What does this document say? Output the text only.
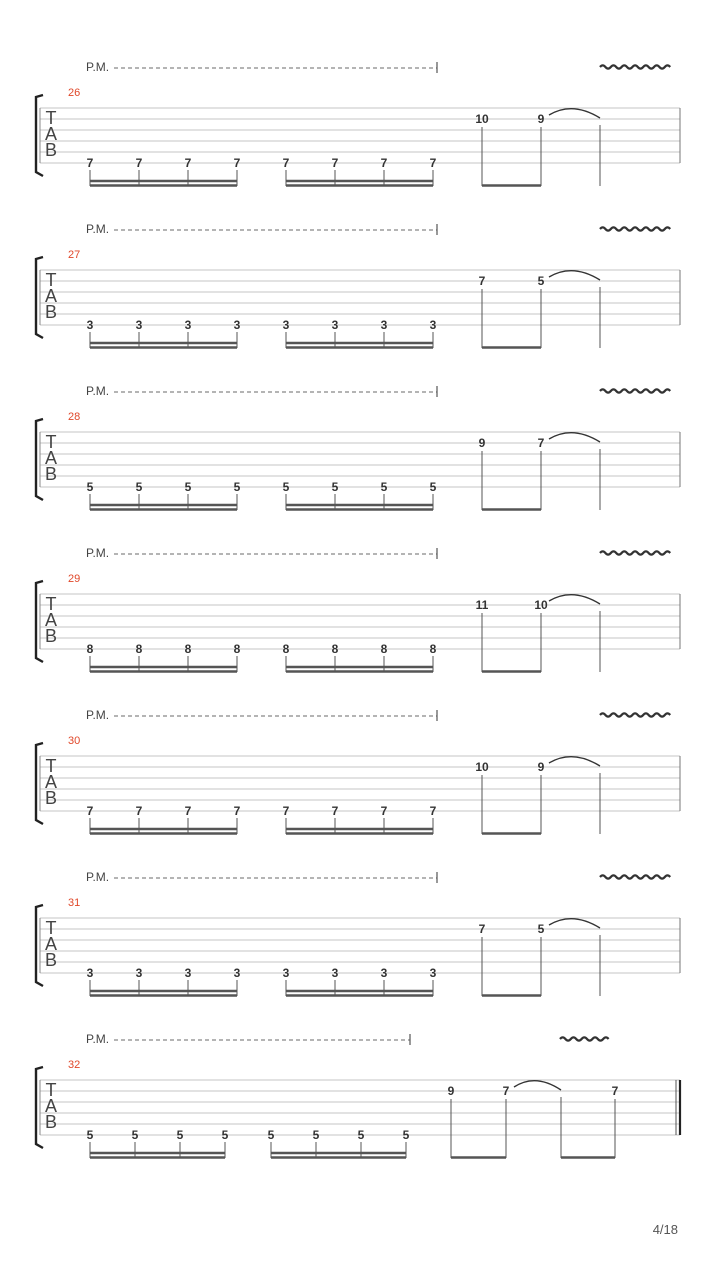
T
A
B
26
P.M.
7	7	7	7	7	7	7	7
10	9
T
A
B
27
P.M.
3	3	3	3	3	3	3	3
7	5
T
A
B
28
P.M.
5	5	5	5	5	5	5	5
9	7
T
A
B
29
P.M.
8	8	8	8	8	8	8	8
11	10
T
A
B
30
P.M.
7	7	7	7	7	7	7	7
10	9
T
A
B
31
P.M.
3	3	3	3	3	3	3	3
7	5
T
A
B
32
P.M.
5	5	5	5	5	5	5	5
9	7	7
4/18
